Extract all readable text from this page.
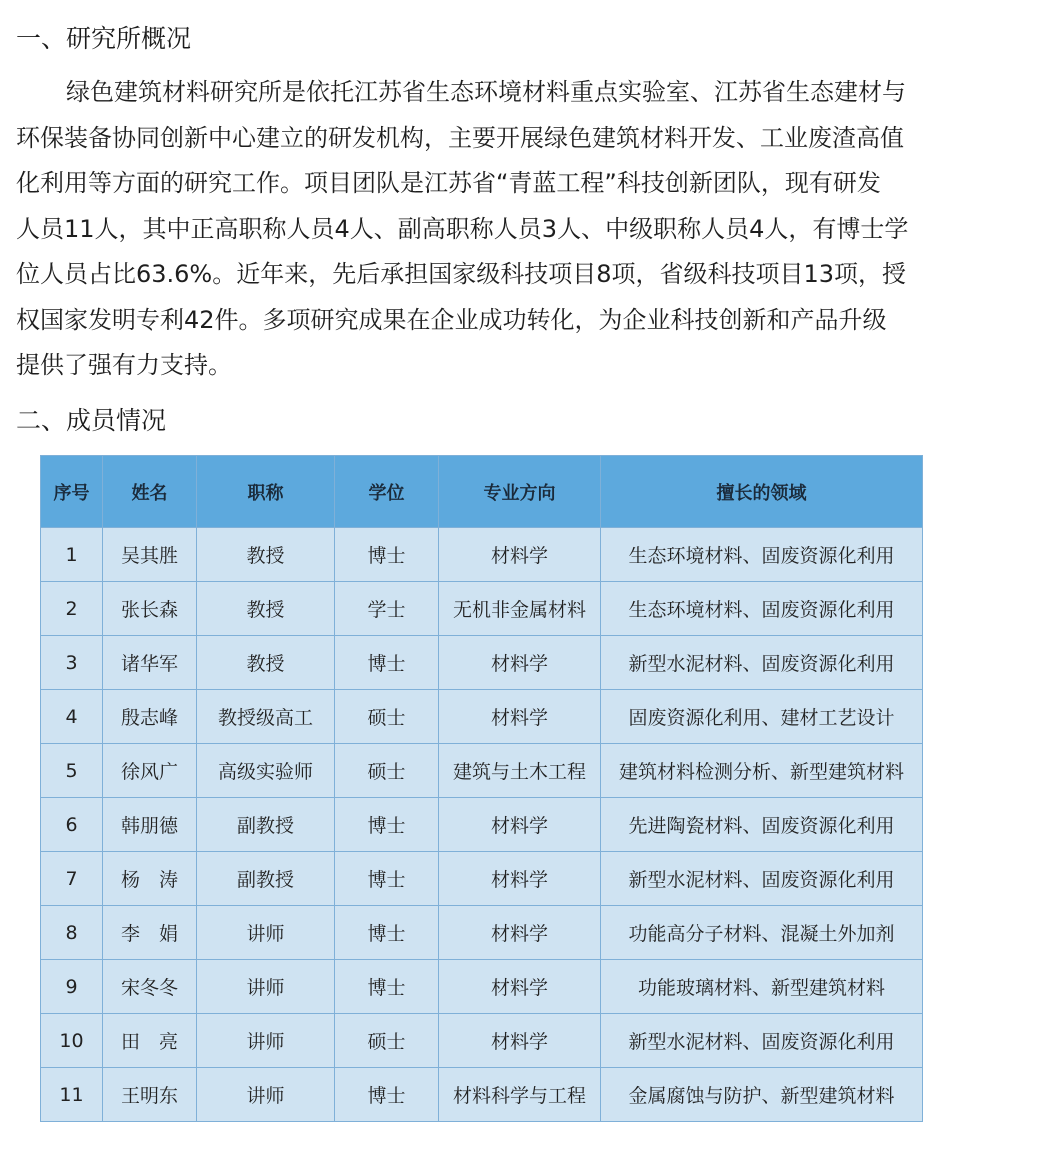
一、研究所概况
绿色建筑材料研究所是依托江苏省生态环境材料重点实验室、江苏省生态建材与
环保装备协同创新中心建立的研发机构，主要开展绿色建筑材料开发、工业废渣高值
化利用等方面的研究工作。项目团队是江苏省“青蓝工程”科技创新团队，现有研发
人员11人，其中正高职称人员4人、副高职称人员3人、中级职称人员4人，有博士学
位人员占比63.6%。近年来，先后承担国家级科技项目8项，省级科技项目13项，授
权国家发明专利42件。多项研究成果在企业成功转化，为企业科技创新和产品升级
提供了强有力支持。
二、成员情况
序号	姓名	职称	学位	专业方向	擅长的领域
1	吴其胜	教授	博士	材料学	生态环境材料、固废资源化利用
2	张长森	教授	学士	无机非金属材料	生态环境材料、固废资源化利用
3	诸华军	教授	博士	材料学	新型水泥材料、固废资源化利用
4	殷志峰	教授级高工	硕士	材料学	固废资源化利用、建材工艺设计
5	徐风广	高级实验师	硕士	建筑与土木工程	建筑材料检测分析、新型建筑材料
6	韩朋德	副教授	博士	材料学	先进陶瓷材料、固废资源化利用
7	杨　涛	副教授	博士	材料学	新型水泥材料、固废资源化利用
8	李　娟	讲师	博士	材料学	功能高分子材料、混凝土外加剂
9	宋冬冬	讲师	博士	材料学	功能玻璃材料、新型建筑材料
10	田　亮	讲师	硕士	材料学	新型水泥材料、固废资源化利用
11	王明东	讲师	博士	材料科学与工程	金属腐蚀与防护、新型建筑材料
